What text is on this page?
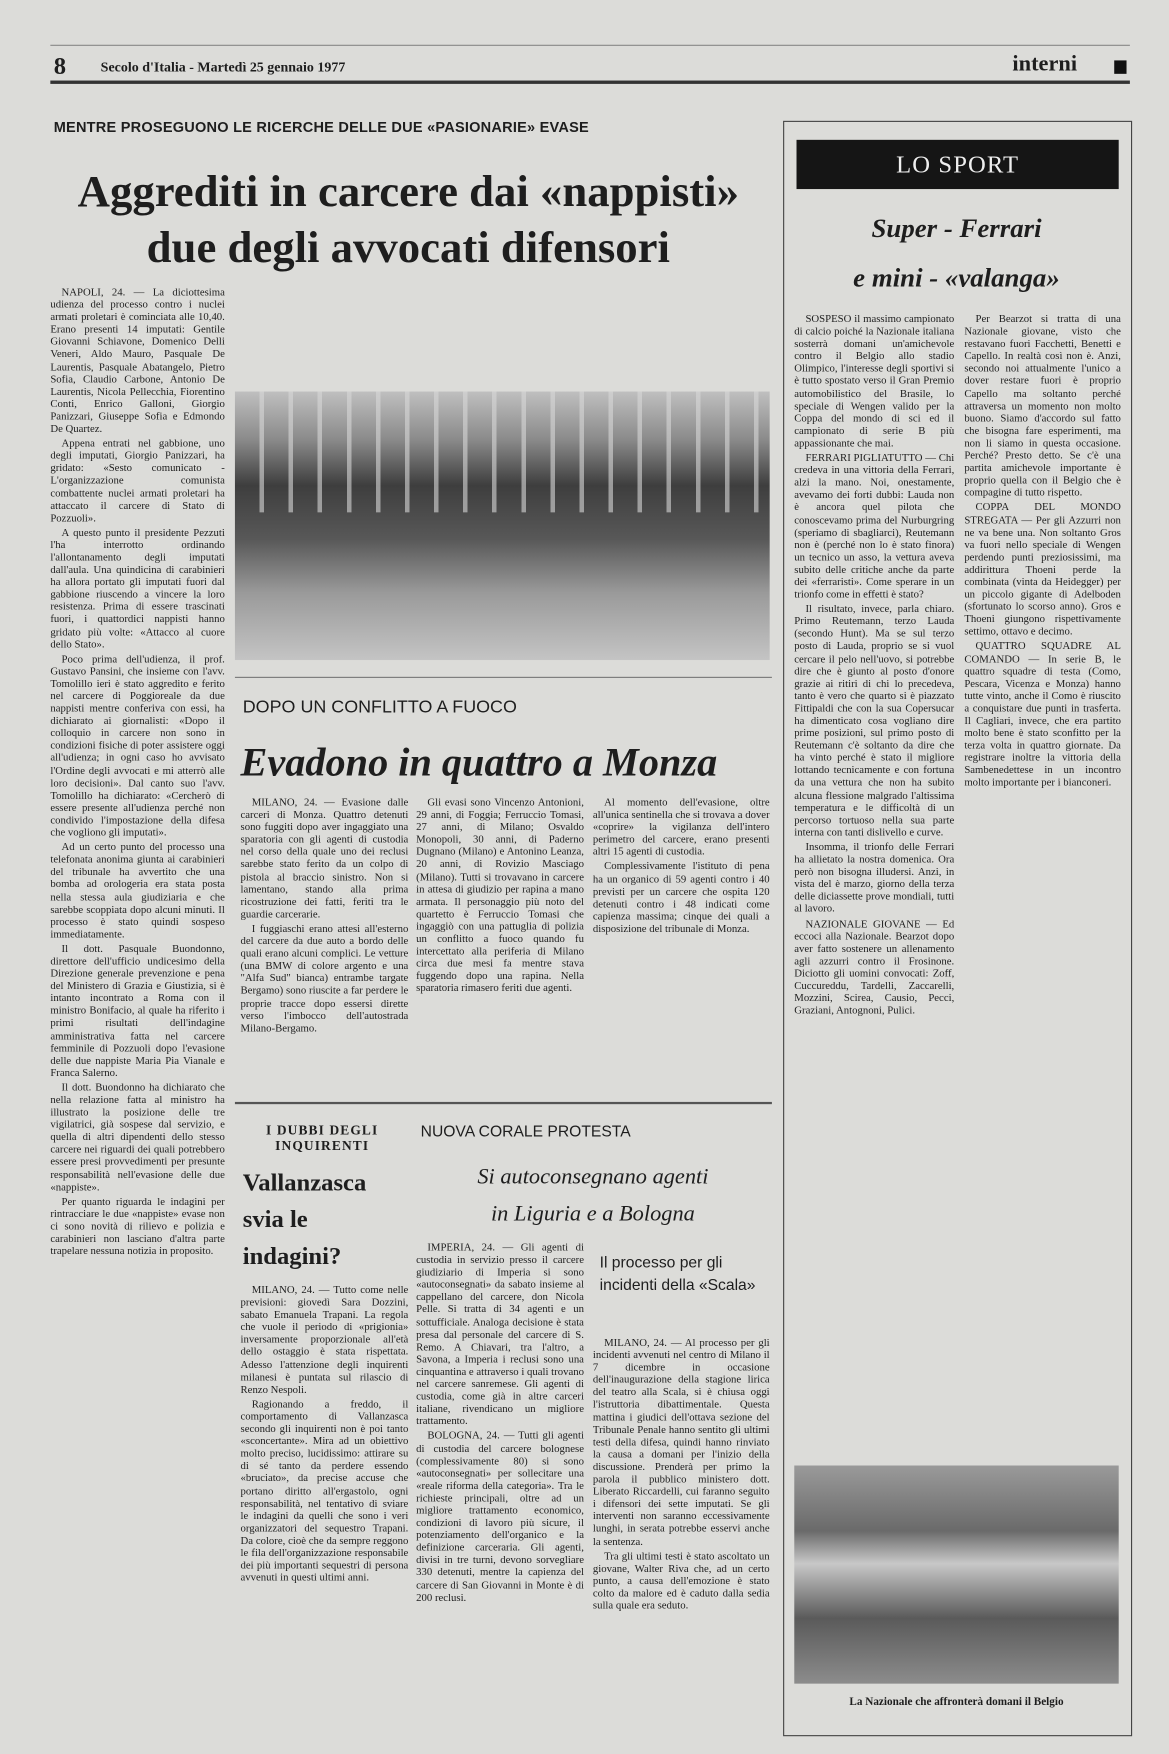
8	Secolo d'Italia - Martedì 25 gennaio 1977	interni
MENTRE PROSEGUONO LE RICERCHE DELLE DUE «PASIONARIE» EVASE
Aggrediti in carcere dai «nappisti»
due degli avvocati difensori

NAPOLI, 24. — La diciottesima udienza del processo contro i nuclei armati proletari è cominciata alle 10,40. Erano presenti 14 imputati: Gentile Giovanni Schiavone, Domenico Delli Veneri, Aldo Mauro, Pasquale De Laurentis, Pasquale Abatangelo, Pietro Sofia, Claudio Carbone, Antonio De Laurentis, Nicola Pellecchia, Fiorentino Conti, Enrico Galloni, Giorgio Panizzari, Giuseppe Sofia e Edmondo De Quartez.

Appena entrati nel gabbione, uno degli imputati, Giorgio Panizzari, ha gridato: «Sesto comunicato - L'organizzazione comunista combattente nuclei armati proletari ha attaccato il carcere di Stato di Pozzuoli».

A questo punto il presidente Pezzuti l'ha interrotto ordinando l'allontanamento degli imputati dall'aula. Una quindicina di carabinieri ha allora portato gli imputati fuori dal gabbione riuscendo a vincere la loro resistenza. Prima di essere trascinati fuori, i quattordici nappisti hanno gridato più volte: «Attacco al cuore dello Stato».

Poco prima dell'udienza, il prof. Gustavo Pansini, che insieme con l'avv. Tomolillo ieri è stato aggredito e ferito nel carcere di Poggioreale da due nappisti mentre conferiva con essi, ha dichiarato ai giornalisti: «Dopo il colloquio in carcere non sono in condizioni fisiche di poter assistere oggi all'udienza; in ogni caso ho avvisato l'Ordine degli avvocati e mi atterrò alle loro decisioni». Dal canto suo l'avv. Tomolillo ha dichiarato: «Cercherò di essere presente all'udienza perché non condivido l'impostazione della difesa che vogliono gli imputati».

Ad un certo punto del processo una telefonata anonima giunta ai carabinieri del tribunale ha avvertito che una bomba ad orologeria era stata posta nella stessa aula giudiziaria e che sarebbe scoppiata dopo alcuni minuti. Il processo è stato quindi sospeso immediatamente.

Il dott. Pasquale Buondonno, direttore dell'ufficio undicesimo della Direzione generale prevenzione e pena del Ministero di Grazia e Giustizia, si è intanto incontrato a Roma con il ministro Bonifacio, al quale ha riferito i primi risultati dell'indagine amministrativa fatta nel carcere femminile di Pozzuoli dopo l'evasione delle due nappiste Maria Pia Vianale e Franca Salerno.

Il dott. Buondonno ha dichiarato che nella relazione fatta al ministro ha illustrato la posizione delle tre vigilatrici, già sospese dal servizio, e quella di altri dipendenti dello stesso carcere nei riguardi dei quali potrebbero essere presi provvedimenti per presunte responsabilità nell'evasione delle due «nappiste».

Per quanto riguarda le indagini per rintracciare le due «nappiste» evase non ci sono novità di rilievo e polizia e carabinieri non lasciano d'altra parte trapelare nessuna notizia in proposito.

DOPO UN CONFLITTO A FUOCO
Evadono in quattro a Monza

MILANO, 24. — Evasione dalle carceri di Monza. Quattro detenuti sono fuggiti dopo aver ingaggiato una sparatoria con gli agenti di custodia nel corso della quale uno dei reclusi sarebbe stato ferito da un colpo di pistola al braccio sinistro. Non si lamentano, stando alla prima ricostruzione dei fatti, feriti tra le guardie carcerarie.

I fuggiaschi erano attesi all'esterno del carcere da due auto a bordo delle quali erano alcuni complici. Le vetture (una BMW di colore argento e una "Alfa Sud" bianca) entrambe targate Bergamo) sono riuscite a far perdere le proprie tracce dopo essersi dirette verso l'imbocco dell'autostrada Milano-Bergamo.

Gli evasi sono Vincenzo Antonioni, 29 anni, di Foggia; Ferruccio Tomasi, 27 anni, di Milano; Osvaldo Monopoli, 30 anni, di Paderno Dugnano (Milano) e Antonino Leanza, 20 anni, di Rovizio Masciago (Milano). Tutti si trovavano in carcere in attesa di giudizio per rapina a mano armata. Il personaggio più noto del quartetto è Ferruccio Tomasi che ingaggiò con una pattuglia di polizia un conflitto a fuoco quando fu intercettato alla periferia di Milano circa due mesi fa mentre stava fuggendo dopo una rapina. Nella sparatoria rimasero feriti due agenti.

Al momento dell'evasione, oltre all'unica sentinella che si trovava a dover «coprire» la vigilanza dell'intero perimetro del carcere, erano presenti altri 15 agenti di custodia.

Complessivamente l'istituto di pena ha un organico di 59 agenti contro i 40 previsti per un carcere che ospita 120 detenuti contro i 48 indicati come capienza massima; cinque dei quali a disposizione del tribunale di Monza.

I DUBBI DEGLI INQUIRENTI
Vallanzasca svia le indagini?

MILANO, 24. — Tutto come nelle previsioni: giovedì Sara Dozzini, sabato Emanuela Trapani. La regola che vuole il periodo di «prigionia» inversamente proporzionale all'età dello ostaggio è stata rispettata. Adesso l'attenzione degli inquirenti milanesi è puntata sul rilascio di Renzo Nespoli.

Ragionando a freddo, il comportamento di Vallanzasca secondo gli inquirenti non è poi tanto «sconcertante». Mira ad un obiettivo molto preciso, lucidissimo: attirare su di sé tanto da perdere essendo «bruciato», da precise accuse che portano diritto all'ergastolo, ogni responsabilità, nel tentativo di sviare le indagini da quelli che sono i veri organizzatori del sequestro Trapani. Da colore, cioè che da sempre reggono le fila dell'organizzazione responsabile dei più importanti sequestri di persona avvenuti in questi ultimi anni.

NUOVA CORALE PROTESTA
Si autoconsegnano agenti
in Liguria e a Bologna

IMPERIA, 24. — Gli agenti di custodia in servizio presso il carcere giudiziario di Imperia si sono «autoconsegnati» da sabato insieme al cappellano del carcere, don Nicola Pelle. Si tratta di 34 agenti e un sottufficiale. Analoga decisione è stata presa dal personale del carcere di S. Remo. A Chiavari, tra l'altro, a Savona, a Imperia i reclusi sono una cinquantina e attraverso i quali trovano nel carcere sanremese. Gli agenti di custodia, come già in altre carceri italiane, rivendicano un migliore trattamento.

BOLOGNA, 24. — Tutti gli agenti di custodia del carcere bolognese (complessivamente 80) si sono «autoconsegnati» per sollecitare una «reale riforma della categoria». Tra le richieste principali, oltre ad un migliore trattamento economico, condizioni di lavoro più sicure, il potenziamento dell'organico e la definizione carceraria. Gli agenti, divisi in tre turni, devono sorvegliare 330 detenuti, mentre la capienza del carcere di San Giovanni in Monte è di 200 reclusi.

Il processo per gli incidenti della «Scala»

MILANO, 24. — Al processo per gli incidenti avvenuti nel centro di Milano il 7 dicembre in occasione dell'inaugurazione della stagione lirica del teatro alla Scala, si è chiusa oggi l'istruttoria dibattimentale. Questa mattina i giudici dell'ottava sezione del Tribunale Penale hanno sentito gli ultimi testi della difesa, quindi hanno rinviato la causa a domani per l'inizio della discussione. Prenderà per primo la parola il pubblico ministero dott. Liberato Riccardelli, cui faranno seguito i difensori dei sette imputati. Se gli interventi non saranno eccessivamente lunghi, in serata potrebbe esservi anche la sentenza.

Tra gli ultimi testi è stato ascoltato un giovane, Walter Riva che, ad un certo punto, a causa dell'emozione è stato colto da malore ed è caduto dalla sedia sulla quale era seduto.

LO SPORT
Super - Ferrari
e mini - «valanga»

SOSPESO il massimo campionato di calcio poiché la Nazionale italiana sosterrà domani un'amichevole contro il Belgio allo stadio Olimpico, l'interesse degli sportivi si è tutto spostato verso il Gran Premio automobilistico del Brasile, lo speciale di Wengen valido per la Coppa del mondo di sci ed il campionato di serie B più appassionante che mai.

FERRARI PIGLIATUTTO — Chi credeva in una vittoria della Ferrari, alzi la mano. Noi, onestamente, avevamo dei forti dubbi: Lauda non è ancora quel pilota che conoscevamo prima del Nurburgring (speriamo di sbagliarci), Reutemann non è (perché non lo è stato finora) un tecnico un asso, la vettura aveva subito delle critiche anche da parte dei «ferraristi». Come sperare in un trionfo come in effetti è stato?

Il risultato, invece, parla chiaro. Primo Reutemann, terzo Lauda (secondo Hunt). Ma se sul terzo posto di Lauda, proprio se si vuol cercare il pelo nell'uovo, si potrebbe dire che è giunto al posto d'onore grazie ai ritiri di chi lo precedeva, tanto è vero che quarto si è piazzato Fittipaldi che con la sua Copersucar ha dimenticato cosa vogliano dire prime posizioni, sul primo posto di Reutemann c'è soltanto da dire che ha vinto perché è stato il migliore lottando tecnicamente e con fortuna da una vettura che non ha subito alcuna flessione malgrado l'altissima temperatura e le difficoltà di un percorso tortuoso nella sua parte interna con tanti dislivello e curve.

Insomma, il trionfo delle Ferrari ha allietato la nostra domenica. Ora però non bisogna illudersi. Anzi, in vista del è marzo, giorno della terza delle diciassette prove mondiali, tutti al lavoro.

NAZIONALE GIOVANE — Ed eccoci alla Nazionale. Bearzot dopo aver fatto sostenere un allenamento agli azzurri contro il Frosinone. Diciotto gli uomini convocati: Zoff, Cuccureddu, Tardelli, Zaccarelli, Mozzini, Scirea, Causio, Pecci, Graziani, Antognoni, Pulici.

Per Bearzot si tratta di una Nazionale giovane, visto che restavano fuori Facchetti, Benetti e Capello. In realtà così non è. Anzi, secondo noi attualmente l'unico a dover restare fuori è proprio Capello ma soltanto perché attraversa un momento non molto buono. Siamo d'accordo sul fatto che bisogna fare esperimenti, ma non li siamo in questa occasione. Perché? Presto detto. Se c'è una partita amichevole importante è proprio quella con il Belgio che è compagine di tutto rispetto.

COPPA DEL MONDO STREGATA — Per gli Azzurri non ne va bene una. Non soltanto Gros va fuori nello speciale di Wengen perdendo punti preziosissimi, ma addirittura Thoeni perde la combinata (vinta da Heidegger) per un piccolo gigante di Adelboden (sfortunato lo scorso anno). Gros e Thoeni giungono rispettivamente settimo, ottavo e decimo.

QUATTRO SQUADRE AL COMANDO — In serie B, le quattro squadre di testa (Como, Pescara, Vicenza e Monza) hanno tutte vinto, anche il Como è riuscito a conquistare due punti in trasferta. Il Cagliari, invece, che era partito molto bene è stato sconfitto per la terza volta in quattro giornate. Da registrare inoltre la vittoria della Sambenedettese in un incontro molto importante per i bianconeri.

La Nazionale che affronterà domani il Belgio
